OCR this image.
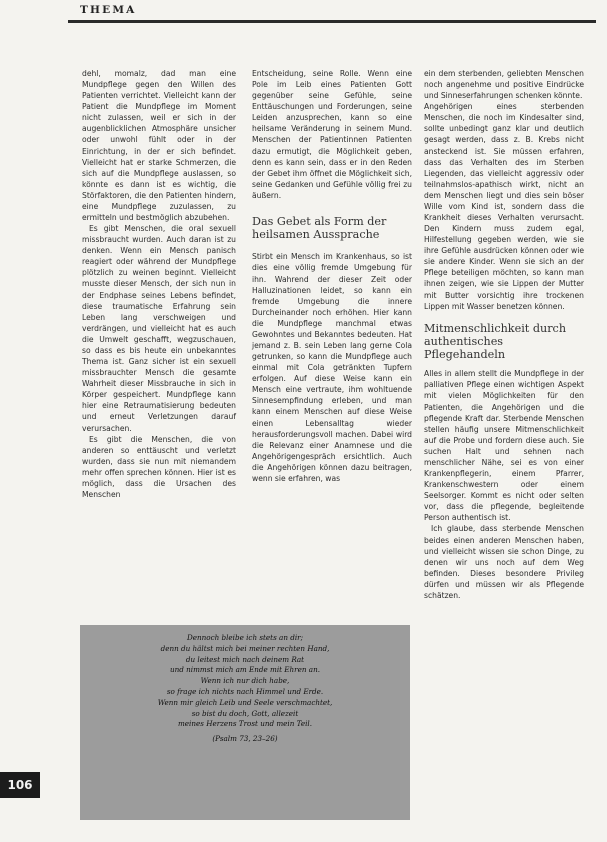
THEMA

dehl, momalz, dad man eine Mundpflege gegen den Willen des Patienten verrichtet. Vielleicht kann der Patient die Mundpflege im Moment nicht zulassen, weil er sich in der augenblicklichen Atmosphäre unsicher oder unwohl fühlt oder in der Einrichtung, in der er sich befindet. Vielleicht hat er starke Schmerzen, die sich auf die Mundpflege auslassen, so könnte es dann ist es wichtig, die Störfaktoren, die den Patienten hindern, eine Mundpflege zuzulassen, zu ermitteln und bestmöglich abzubehen.

Es gibt Menschen, die oral sexuell missbraucht wurden. Auch daran ist zu denken. Wenn ein Mensch panisch reagiert oder während der Mundpflege plötzlich zu weinen beginnt. Vielleicht musste dieser Mensch, der sich nun in der Endphase seines Lebens befindet, diese traumatische Erfahrung sein Leben lang verschweigen und verdrängen, und vielleicht hat es auch die Umwelt geschafft, wegzuschauen, so dass es bis heute ein unbekanntes Thema ist. Ganz sicher ist ein sexuell missbrauchter Mensch die gesamte Wahrheit dieser Missbrauche in sich in Körper gespeichert. Mundpflege kann hier eine Retraumatisierung bedeuten und erneut Verletzungen darauf verursachen.

Es gibt die Menschen, die von anderen so enttäuscht und verletzt wurden, dass sie nun mit niemandem mehr offen sprechen können. Hier ist es möglich, dass die Ursachen des Menschen

Entscheidung, seine Rolle. Wenn eine Pole im Leib eines Patienten Gott gegenüber seine Gefühle, seine Enttäuschungen und Forderungen, seine Leiden anzusprechen, kann so eine heilsame Veränderung in seinem Mund. Menschen der Patientinnen Patienten dazu ermutigt, die Möglichkeit geben, denn es kann sein, dass er in den Reden der Gebet ihm öffnet die Möglichkeit sich, seine Gedanken und Gefühle völlig frei zu äußern.

Das Gebet als Form der heilsamen Aussprache

Stirbt ein Mensch im Krankenhaus, so ist dies eine völlig fremde Umgebung für ihn. Wahrend der dieser Zeit oder Halluzinationen leidet, so kann ein fremde Umgebung die innere Durcheinander noch erhöhen. Hier kann die Mundpflege manchmal etwas Gewohntes und Bekanntes bedeuten. Hat jemand z. B. sein Leben lang gerne Cola getrunken, so kann die Mundpflege auch einmal mit Cola getränkten Tupfern erfolgen. Auf diese Weise kann ein Mensch eine vertraute, ihm wohltuende Sinnesempfindung erleben, und man kann einem Menschen auf diese Weise einen Lebensalltag wieder herausforderungsvoll machen. Dabei wird die Relevanz einer Anamnese und die Angehörigengespräch ersichtlich. Auch die Angehörigen können dazu beitragen, wenn sie erfahren, was

ein dem sterbenden, geliebten Menschen noch angenehme und positive Eindrücke und Sinneserfahrungen schenken könnte.

Angehörigen eines sterbenden Menschen, die noch im Kindesalter sind, sollte unbedingt ganz klar und deutlich gesagt werden, dass z. B. Krebs nicht ansteckend ist. Sie müssen erfahren, dass das Verhalten des im Sterben Liegenden, das vielleicht aggressiv oder teilnahmslos-apathisch wirkt, nicht an dem Menschen liegt und dies sein böser Wille vom Kind ist, sondern dass die Krankheit dieses Verhalten verursacht. Den Kindern muss zudem egal, Hilfestellung gegeben werden, wie sie ihre Gefühle ausdrücken können oder wie sie andere Kinder. Wenn sie sich an der Pflege beteiligen möchten, so kann man ihnen zeigen, wie sie Lippen der Mutter mit Butter vorsichtig ihre trockenen Lippen mit Wasser benetzen können.

Mitmenschlichkeit durch authentisches Pflegehandeln

Alles in allem stellt die Mundpflege in der palliativen Pflege einen wichtigen Aspekt mit vielen Möglichkeiten für den Patienten, die Angehörigen und die pflegende Kraft dar. Sterbende Menschen stellen häufig unsere Mitmenschlichkeit auf die Probe und fordern diese auch. Sie suchen Halt und sehnen nach menschlicher Nähe, sei es von einer Krankenpflegerin, einem Pfarrer, Krankenschwestern oder einem Seelsorger. Kommt es nicht oder selten vor, dass die pflegende, begleitende Person authentisch ist.

Ich glaube, dass sterbende Menschen beides einen anderen Menschen haben, und vielleicht wissen sie schon Dinge, zu denen wir uns noch auf dem Weg befinden. Dieses besondere Privileg dürfen und müssen wir als Pflegende schätzen.

Dennoch bleibe ich stets an dir;
denn du hältst mich bei meiner rechten Hand,
du leitest mich nach deinem Rat
und nimmst mich am Ende mit Ehren an.
Wenn ich nur dich habe,
so frage ich nichts nach Himmel und Erde.
Wenn mir gleich Leib und Seele verschmachtet,
so bist du doch, Gott, allezeit
meines Herzens Trost und mein Teil.
(Psalm 73, 23–26)
106
